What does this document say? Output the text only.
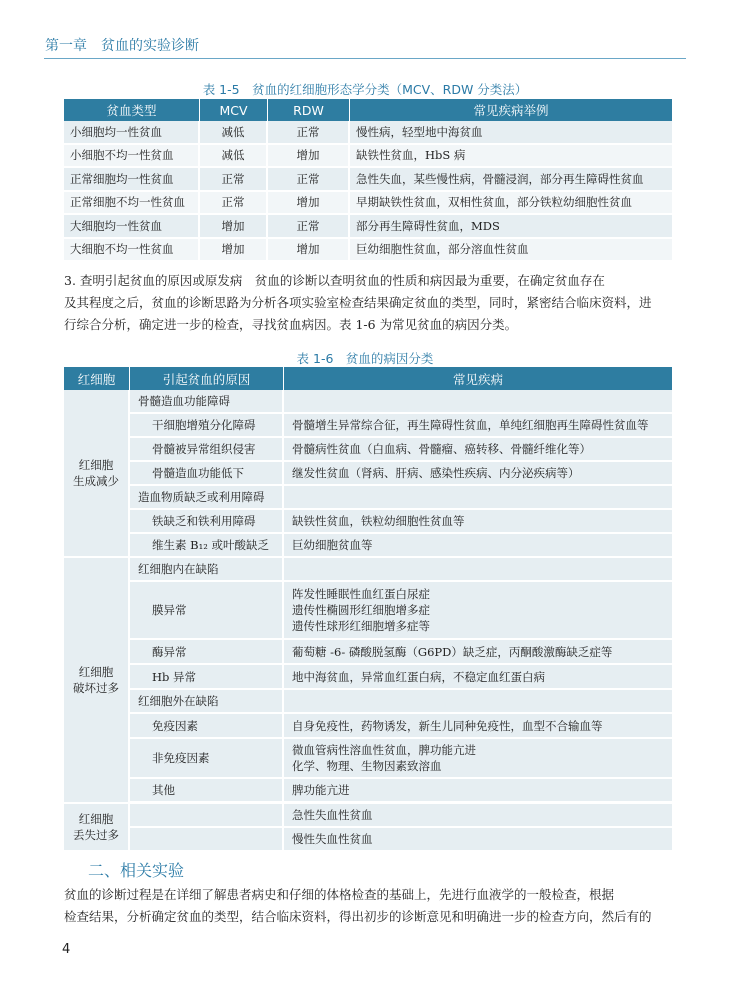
第一章　贫血的实验诊断
表 1-5　贫血的红细胞形态学分类（MCV、RDW 分类法）
贫血类型	MCV	RDW	常见疾病举例
小细胞均一性贫血	减低	正常	慢性病，轻型地中海贫血
小细胞不均一性贫血	减低	增加	缺铁性贫血，HbS 病
正常细胞均一性贫血	正常	正常	急性失血，某些慢性病，骨髓浸润，部分再生障碍性贫血
正常细胞不均一性贫血	正常	增加	早期缺铁性贫血，双相性贫血，部分铁粒幼细胞性贫血
大细胞均一性贫血	增加	正常	部分再生障碍性贫血，MDS
大细胞不均一性贫血	增加	增加	巨幼细胞性贫血，部分溶血性贫血
3. 查明引起贫血的原因或原发病　贫血的诊断以查明贫血的性质和病因最为重要，在确定贫血存在
及其程度之后，贫血的诊断思路为分析各项实验室检查结果确定贫血的类型，同时，紧密结合临床资料，进
行综合分析，确定进一步的检查，寻找贫血病因。表 1-6 为常见贫血的病因分类。
表 1-6　贫血的病因分类
红细胞	引起贫血的原因	常见疾病

红细胞
生成减少	骨髓造血功能障碍	
	干细胞增殖分化障碍	骨髓增生异常综合征，再生障碍性贫血，单纯红细胞再生障碍性贫血等
	骨髓被异常组织侵害	骨髓病性贫血（白血病、骨髓瘤、癌转移、骨髓纤维化等）
	骨髓造血功能低下	继发性贫血（肾病、肝病、感染性疾病、内分泌疾病等）
	造血物质缺乏或利用障碍	
	铁缺乏和铁利用障碍	缺铁性贫血，铁粒幼细胞性贫血等
	维生素 B₁₂ 或叶酸缺乏	巨幼细胞贫血等

红细胞
破坏过多	红细胞内在缺陷	
	膜异常	阵发性睡眠性血红蛋白尿症
遗传性椭圆形红细胞增多症
遗传性球形红细胞增多症等

	酶异常	葡萄糖 -6- 磷酸脱氢酶（G6PD）缺乏症，丙酮酸激酶缺乏症等
	Hb 异常	地中海贫血，异常血红蛋白病，不稳定血红蛋白病
	红细胞外在缺陷	
	免疫因素	自身免疫性，药物诱发，新生儿同种免疫性，血型不合输血等
	非免疫因素	微血管病性溶血性贫血，脾功能亢进
化学、物理、生物因素致溶血

	其他	脾功能亢进

红细胞
丢失过多		急性失血性贫血
		慢性失血性贫血
二、相关实验
贫血的诊断过程是在详细了解患者病史和仔细的体格检查的基础上，先进行血液学的一般检查，根据
检查结果，分析确定贫血的类型，结合临床资料，得出初步的诊断意见和明确进一步的检查方向，然后有的
4
